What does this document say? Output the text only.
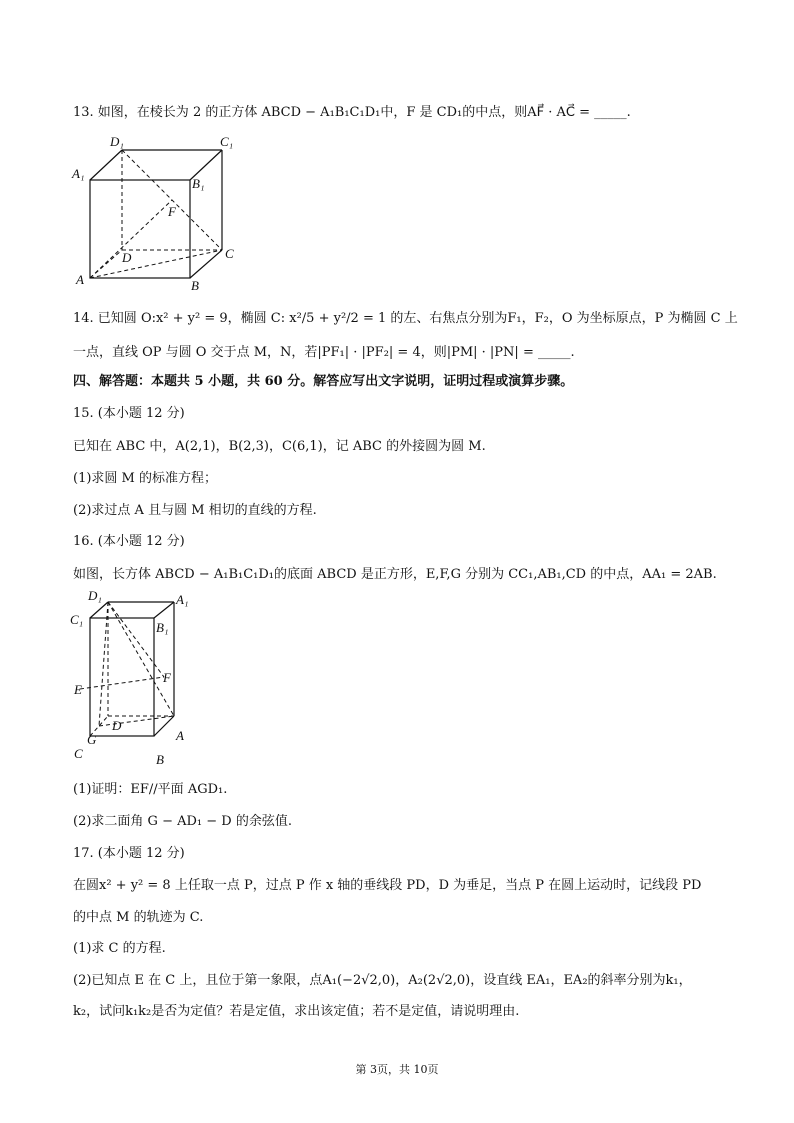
13. 如图，在棱长为 2 的正方体 ABCD − A₁B₁C₁D₁中，F 是 CD₁的中点，则AF⃗ · AC⃗ = _____.
D₁	C₁
A₁
B₁
F
D	C
A	B
14. 已知圆 O:x² + y² = 9，椭圆 C: x²/5 + y²/2 = 1 的左、右焦点分别为F₁，F₂，O 为坐标原点，P 为椭圆 C 上
一点，直线 OP 与圆 O 交于点 M，N，若|PF₁| · |PF₂| = 4，则|PM| · |PN| = _____.
四、解答题：本题共 5 小题，共 60 分。解答应写出文字说明，证明过程或演算步骤。
15. (本小题 12 分)
已知在 ABC 中，A(2,1)，B(2,3)，C(6,1)，记 ABC 的外接圆为圆 M.
(1)求圆 M 的标准方程；
(2)求过点 A 且与圆 M 相切的直线的方程.
16. (本小题 12 分)
如图，长方体 ABCD − A₁B₁C₁D₁的底面 ABCD 是正方形，E,F,G 分别为 CC₁,AB₁,CD 的中点，AA₁ = 2AB.
D₁	A₁
C₁
B₁
F
E
D
G	A
C	B
(1)证明：EF//平面 AGD₁.
(2)求二面角 G − AD₁ − D 的余弦值.
17. (本小题 12 分)
在圆x² + y² = 8 上任取一点 P，过点 P 作 x 轴的垂线段 PD，D 为垂足，当点 P 在圆上运动时，记线段 PD
的中点 M 的轨迹为 C.
(1)求 C 的方程.
(2)已知点 E 在 C 上，且位于第一象限，点A₁(−2√2,0)，A₂(2√2,0)，设直线 EA₁，EA₂的斜率分别为k₁，
k₂，试问k₁k₂是否为定值？若是定值，求出该定值；若不是定值，请说明理由.
第 3页，共 10页
